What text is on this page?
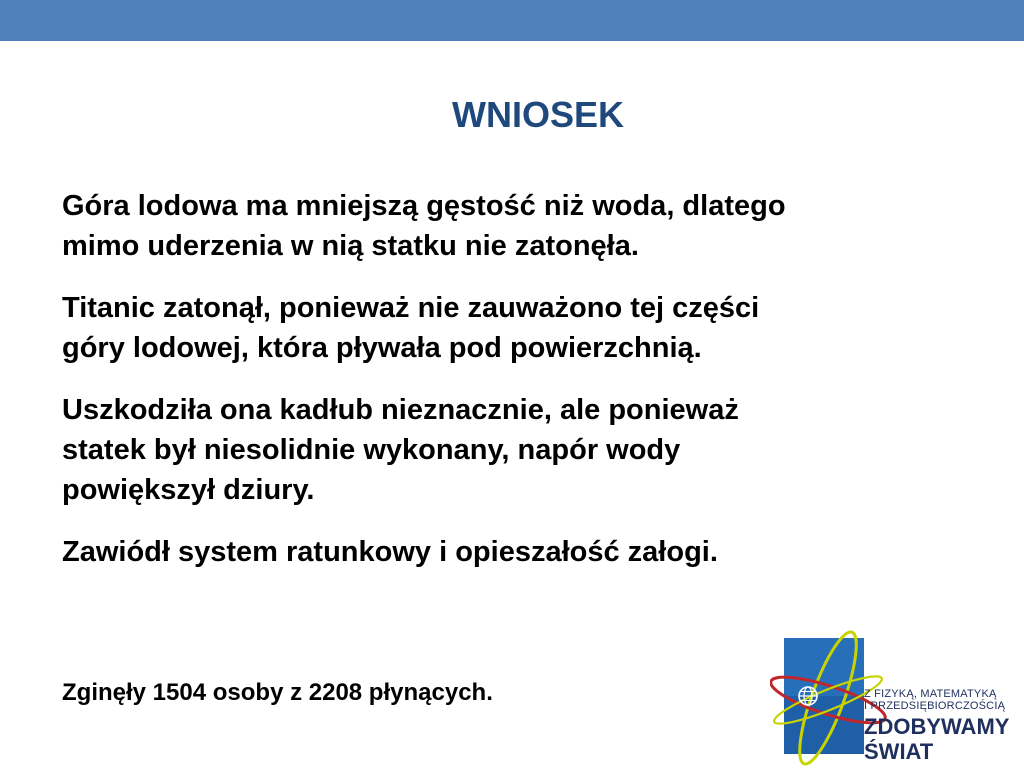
WNIOSEK

Góra lodowa ma mniejszą gęstość niż woda, dlatego
mimo uderzenia w nią statku nie zatonęła.

Titanic zatonął, ponieważ nie zauważono tej części
góry lodowej, która pływała pod powierzchnią.

Uszkodziła ona kadłub nieznacznie, ale ponieważ
statek był niesolidnie wykonany, napór wody
powiększył dziury.

Zawiódł system ratunkowy i opieszałość załogi.

Zginęły 1504 osoby z 2208 płynących.	Z FIZYKĄ, MATEMATYKĄ
I PRZEDSIĘBIORCZOŚCIĄ
ZDOBYWAMY
ŚWIAT
